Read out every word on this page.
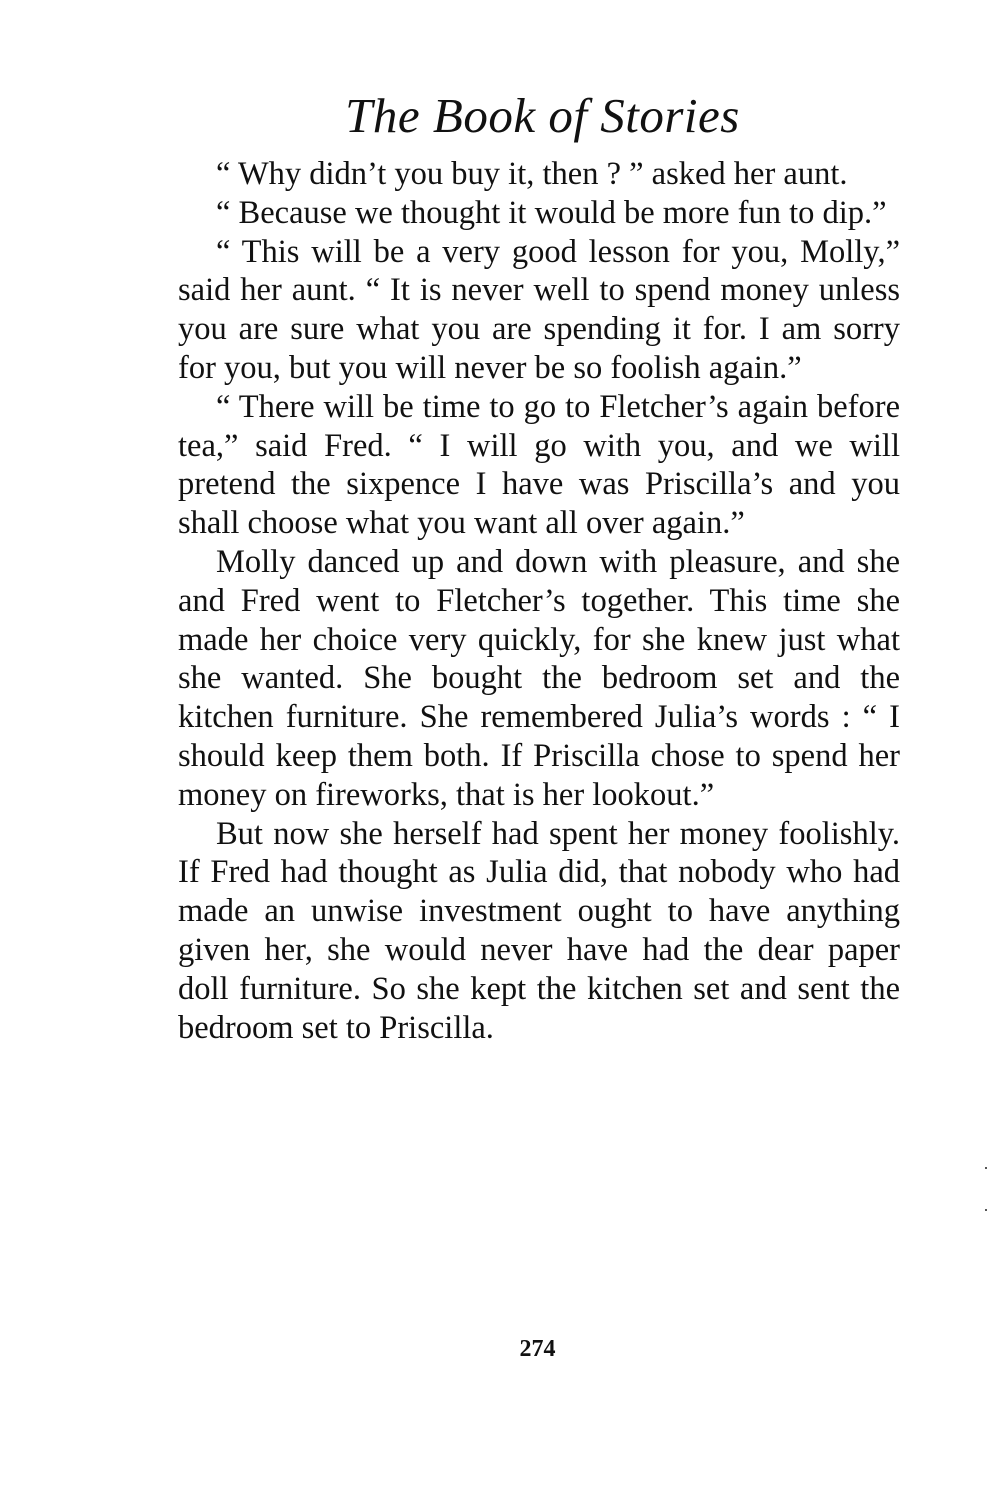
The Book of Stories

“ Why didn’t you buy it, then ? ” asked her aunt.

“ Because we thought it would be more fun to dip.”

“ This will be a very good lesson for you, Molly,” said her aunt. “ It is never well to spend money unless you are sure what you are spending it for. I am sorry for you, but you will never be so foolish again.”

“ There will be time to go to Fletcher’s again before tea,” said Fred. “ I will go with you, and we will pretend the sixpence I have was Priscilla’s and you shall choose what you want all over again.”

Molly danced up and down with pleasure, and she and Fred went to Fletcher’s together. This time she made her choice very quickly, for she knew just what she wanted. She bought the bedroom set and the kitchen furniture. She remembered Julia’s words : “ I should keep them both. If Priscilla chose to spend her money on fireworks, that is her lookout.”

But now she herself had spent her money foolishly. If Fred had thought as Julia did, that nobody who had made an unwise investment ought to have anything given her, she would never have had the dear paper doll furniture. So she kept the kitchen set and sent the bedroom set to Priscilla.

274
